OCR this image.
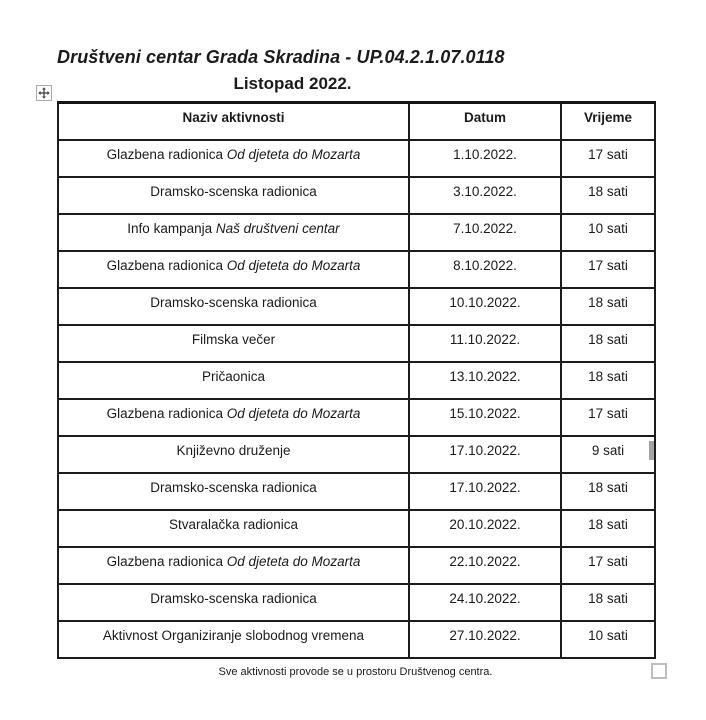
Društveni centar Grada Skradina - UP.04.2.1.07.0118
Listopad 2022.
Naziv aktivnosti	Datum	Vrijeme
Glazbena radionica Od djeteta do Mozarta	1.10.2022.	17 sati
Dramsko-scenska radionica	3.10.2022.	18 sati
Info kampanja Naš društveni centar	7.10.2022.	10 sati
Glazbena radionica Od djeteta do Mozarta	8.10.2022.	17 sati
Dramsko-scenska radionica	10.10.2022.	18 sati
Filmska večer	11.10.2022.	18 sati
Pričaonica	13.10.2022.	18 sati
Glazbena radionica Od djeteta do Mozarta	15.10.2022.	17 sati
Književno druženje	17.10.2022.	9 sati
Dramsko-scenska radionica	17.10.2022.	18 sati
Stvaralačka radionica	20.10.2022.	18 sati
Glazbena radionica Od djeteta do Mozarta	22.10.2022.	17 sati
Dramsko-scenska radionica	24.10.2022.	18 sati
Aktivnost Organiziranje slobodnog vremena	27.10.2022.	10 sati
Sve aktivnosti provode se u prostoru Društvenog centra.
